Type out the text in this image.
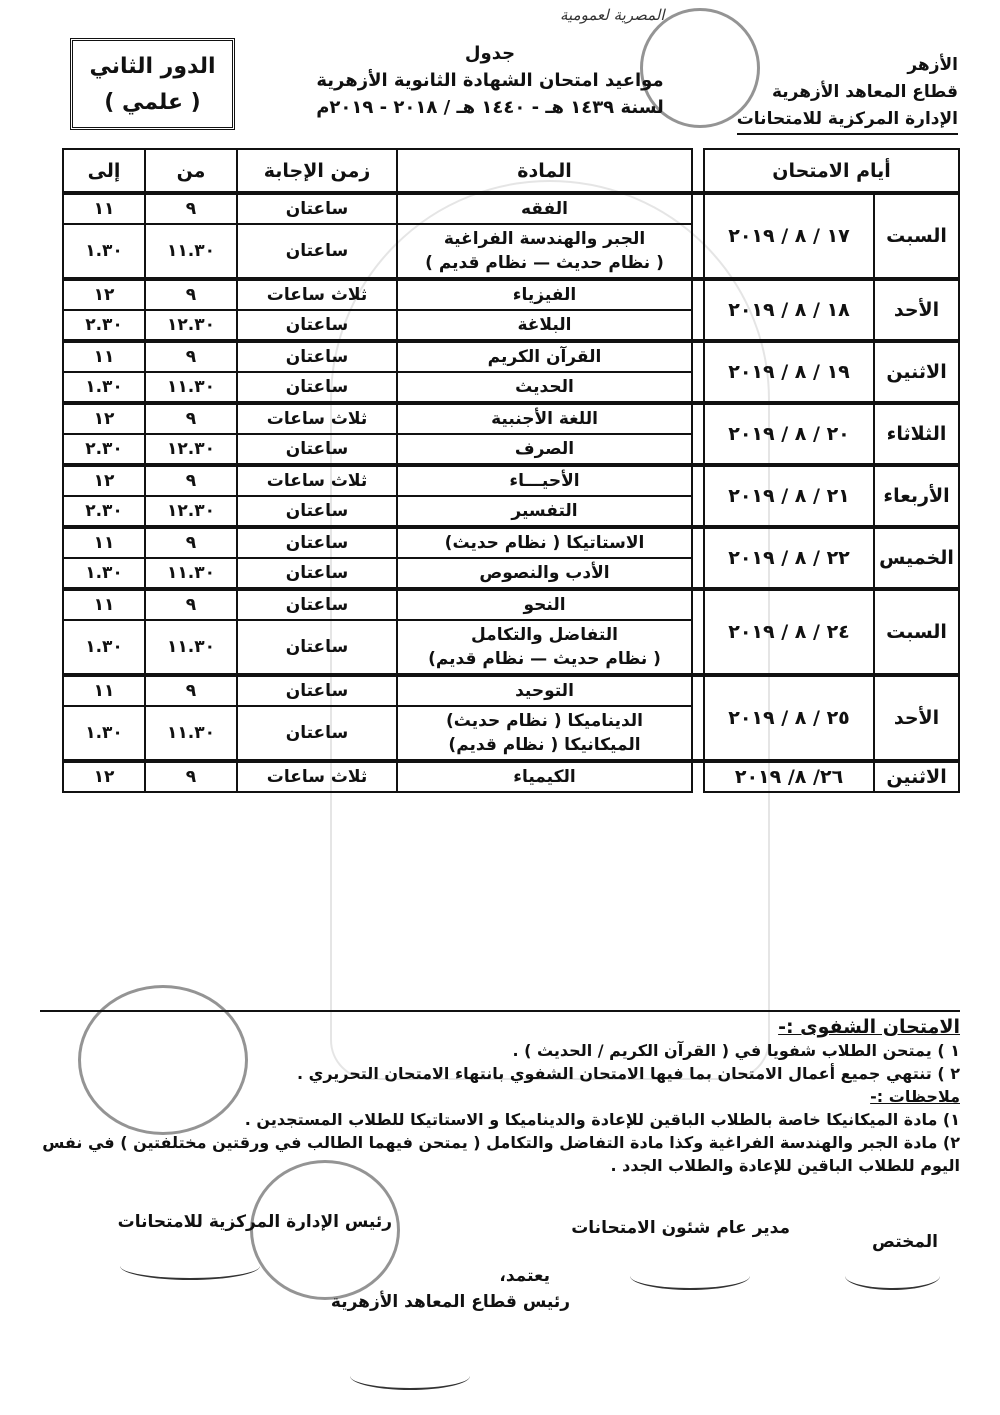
المصرية لعمومية
الأزهر
قطاع المعاهد الأزهرية
الإدارة المركزية للامتحانات
جدول
مواعيد امتحان الشهادة الثانوية الأزهرية
لسنة ١٤٣٩ هـ - ١٤٤٠ هـ / ٢٠١٨ - ٢٠١٩م
الدور الثاني
( علمي )
أيام الامتحان			المادة	زمن الإجابة	من	إلى
السبت	١٧ / ٨ / ٢٠١٩		الفقه	ساعتان	٩	١١

			الجبر والهندسة الفراغية
( نظام حديث — نظام قديم )	ساعتان	١١.٣٠	١.٣٠
الأحد	١٨ / ٨ / ٢٠١٩		الفيزياء	ثلاث ساعات	٩	١٢

			البلاغة	ساعتان	١٢.٣٠	٢.٣٠
الاثنين	١٩ / ٨ / ٢٠١٩		القرآن الكريم	ساعتان	٩	١١

			الحديث	ساعتان	١١.٣٠	١.٣٠
الثلاثاء	٢٠ / ٨ / ٢٠١٩		اللغة الأجنبية	ثلاث ساعات	٩	١٢

			الصرف	ساعتان	١٢.٣٠	٢.٣٠
الأربعاء	٢١ / ٨ / ٢٠١٩		الأحيـــاء	ثلاث ساعات	٩	١٢

			التفسير	ساعتان	١٢.٣٠	٢.٣٠
الخميس	٢٢ / ٨ / ٢٠١٩		الاستاتيكا ( نظام حديث)	ساعتان	٩	١١

			الأدب والنصوص	ساعتان	١١.٣٠	١.٣٠
السبت	٢٤ / ٨ / ٢٠١٩		النحو	ساعتان	٩	١١

			التفاضل والتكامل
( نظام حديث — نظام قديم)	ساعتان	١١.٣٠	١.٣٠
الأحد	٢٥ / ٨ / ٢٠١٩		التوحيد	ساعتان	٩	١١

			الديناميكا ( نظام حديث)
الميكانيكا ( نظام قديم)	ساعتان	١١.٣٠	١.٣٠
الاثنين	٢٦/ ٨/ ٢٠١٩		الكيمياء	ثلاث ساعات	٩	١٢

الامتحان الشفوى :-

١ ) يمتحن الطلاب شفويا في ( القرآن الكريم / الحديث ) .

٢ ) تنتهي جميع أعمال الامتحان بما فيها الامتحان الشفوي بانتهاء الامتحان التحريري .

ملاحظات :-

١) مادة الميكانيكا خاصة بالطلاب الباقين للإعادة والديناميكا و الاستاتيكا للطلاب المستجدين .

٢) مادة الجبر والهندسة الفراغية وكذا مادة التفاضل والتكامل ( يمتحن فيهما الطالب في ورقتين مختلفتين ) في نفس اليوم للطلاب الباقين للإعادة والطلاب الجدد .

المختص
مدير عام شئون الامتحانات
رئيس الإدارة المركزية للامتحانات
يعتمد،
رئيس قطاع المعاهد الأزهرية
